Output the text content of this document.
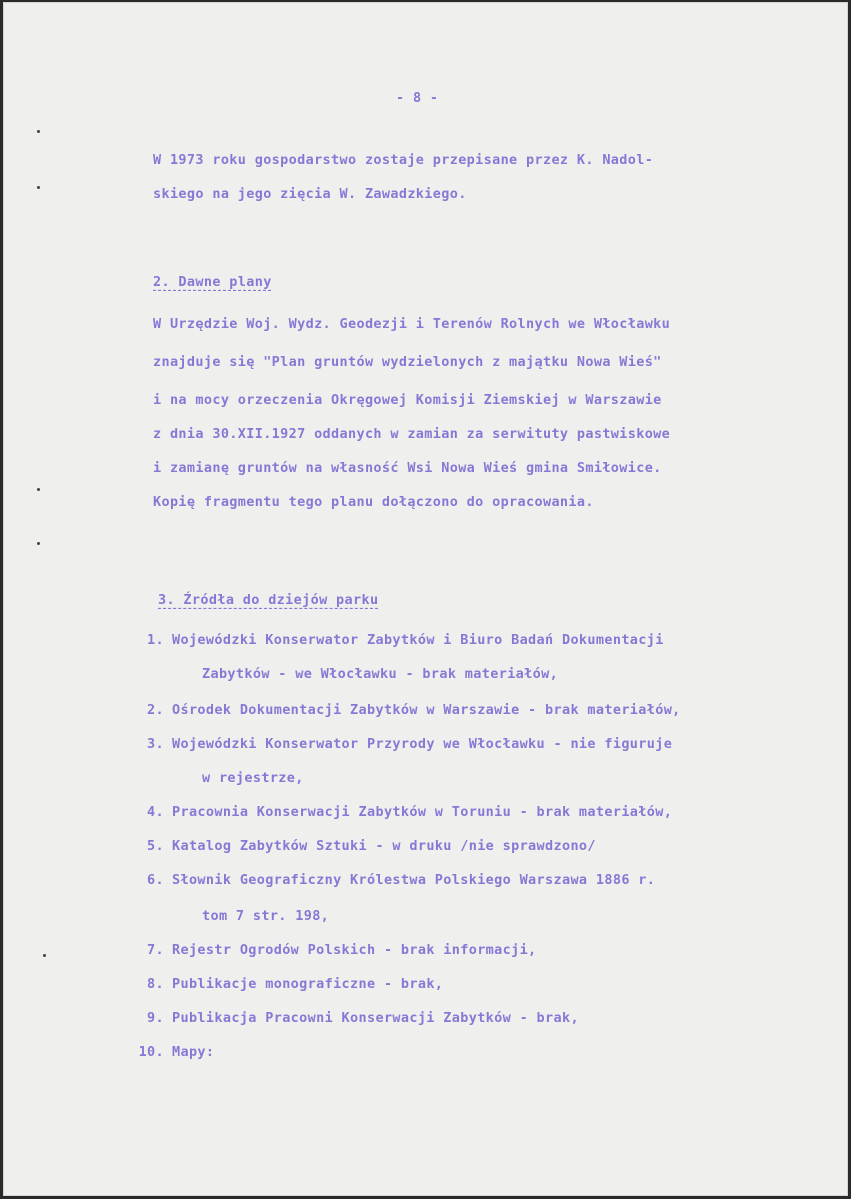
- 8 -
W 1973 roku gospodarstwo zostaje przepisane przez K. Nadol-
skiego na jego zięcia W. Zawadzkiego.
2. Dawne plany
W Urzędzie Woj. Wydz. Geodezji i Terenów Rolnych we Włocławku
znajduje się "Plan gruntów wydzielonych z majątku Nowa Wieś"
i na mocy orzeczenia Okręgowej Komisji Ziemskiej w Warszawie
z dnia 30.XII.1927 oddanych w zamian za serwituty pastwiskowe
i zamianę gruntów na własność Wsi Nowa Wieś gmina Smiłowice.
Kopię fragmentu tego planu dołączono do opracowania.
3. Źródła do dziejów parku
1. Wojewódzki Konserwator Zabytków i Biuro Badań Dokumentacji
Zabytków - we Włocławku - brak materiałów,
2. Ośrodek Dokumentacji Zabytków w Warszawie - brak materiałów,
3. Wojewódzki Konserwator Przyrody we Włocławku - nie figuruje
w rejestrze,
4. Pracownia Konserwacji Zabytków w Toruniu - brak materiałów,
5. Katalog Zabytków Sztuki - w druku /nie sprawdzono/
6. Słownik Geograficzny Królestwa Polskiego Warszawa 1886 r.
tom 7 str. 198,
7. Rejestr Ogrodów Polskich - brak informacji,
8. Publikacje monograficzne - brak,
9. Publikacja Pracowni Konserwacji Zabytków - brak,
10. Mapy:
